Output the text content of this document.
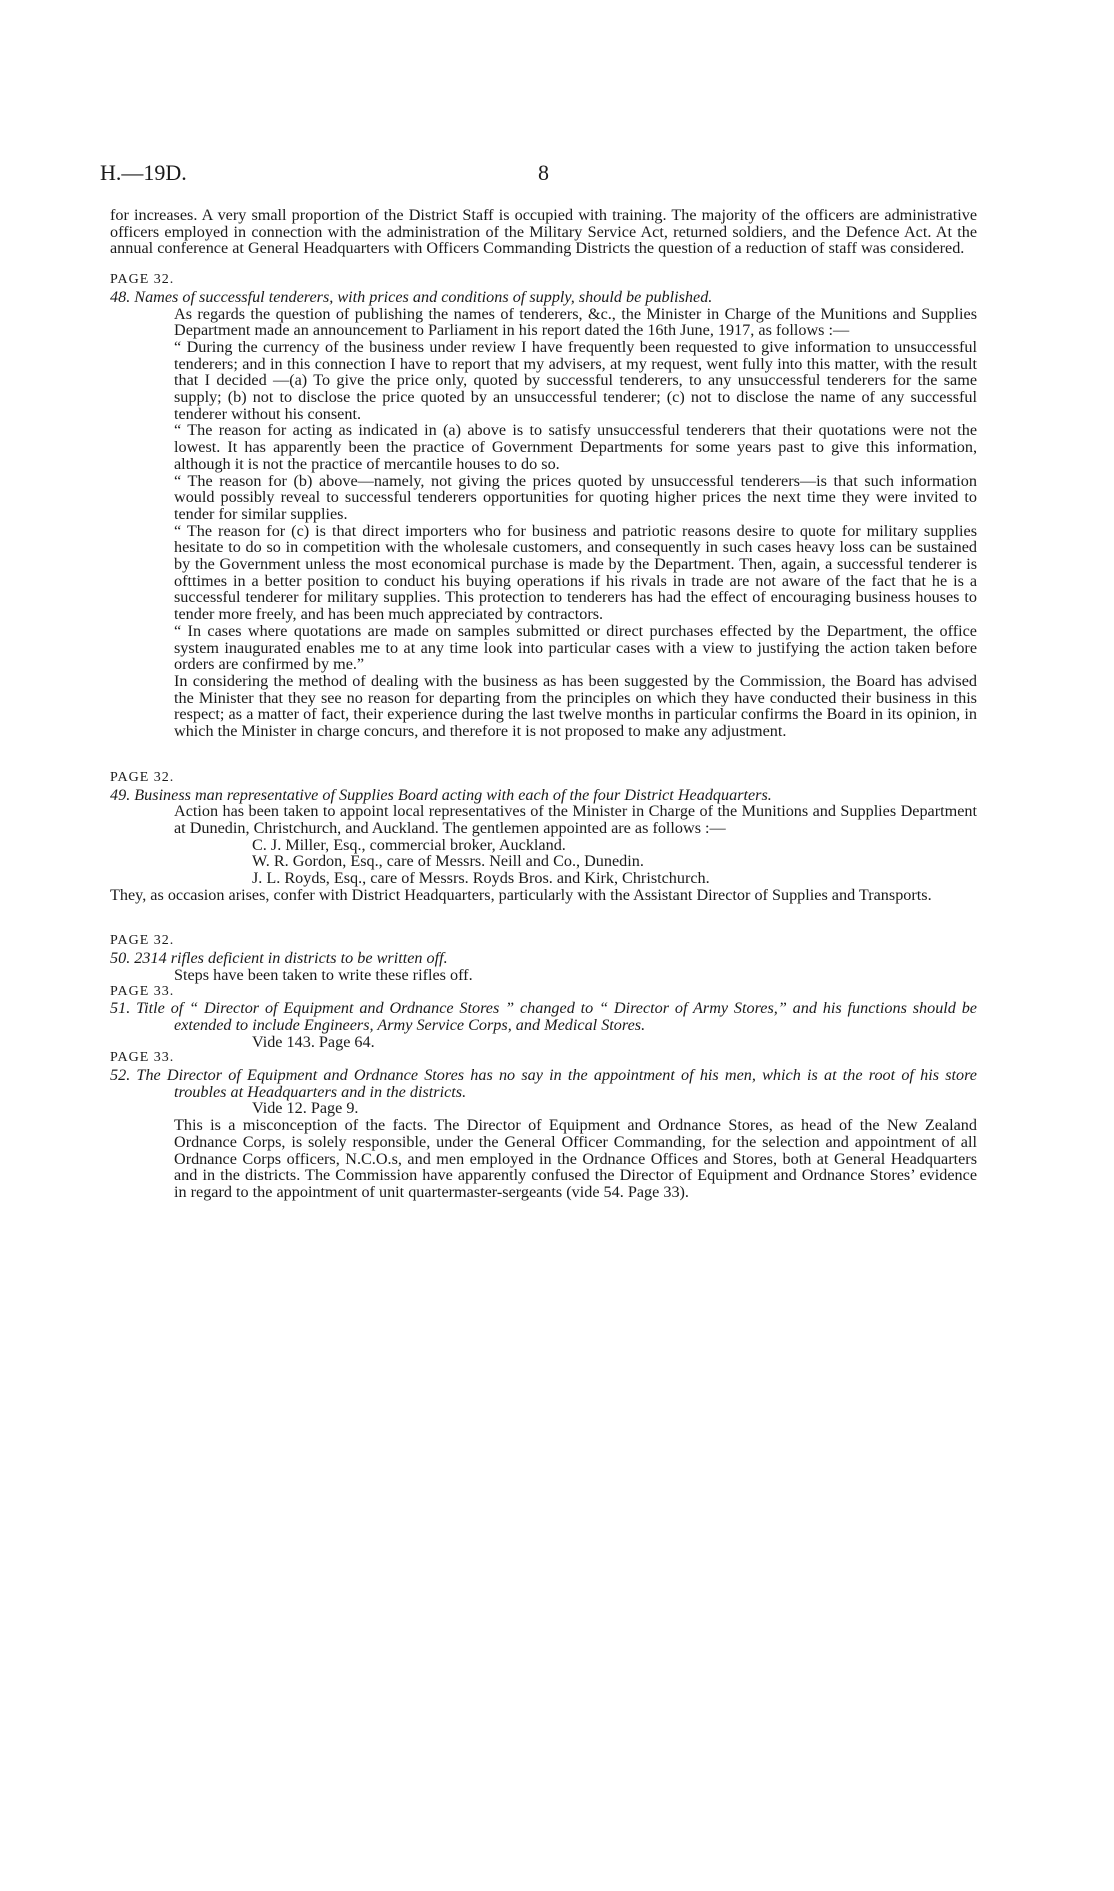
H.—19D.	8

for increases. A very small proportion of the District Staff is occupied with training. The majority of the officers are administrative officers employed in connection with the administration of the Military Service Act, returned soldiers, and the Defence Act. At the annual conference at General Headquarters with Officers Commanding Districts the question of a reduction of staff was considered.

PAGE 32.

48. Names of successful tenderers, with prices and conditions of supply, should be published.

As regards the question of publishing the names of tenderers, &c., the Minister in Charge of the Munitions and Supplies Department made an announcement to Parliament in his report dated the 16th June, 1917, as follows :—

“ During the currency of the business under review I have frequently been requested to give information to unsuccessful tenderers; and in this connection I have to report that my advisers, at my request, went fully into this matter, with the result that I decided —(a) To give the price only, quoted by successful tenderers, to any unsuccessful tenderers for the same supply; (b) not to disclose the price quoted by an unsuccessful tenderer; (c) not to disclose the name of any successful tenderer without his consent.

“ The reason for acting as indicated in (a) above is to satisfy unsuccessful tenderers that their quotations were not the lowest. It has apparently been the practice of Government Departments for some years past to give this information, although it is not the practice of mercantile houses to do so.

“ The reason for (b) above—namely, not giving the prices quoted by unsuccessful tenderers—is that such information would possibly reveal to successful tenderers opportunities for quoting higher prices the next time they were invited to tender for similar supplies.

“ The reason for (c) is that direct importers who for business and patriotic reasons desire to quote for military supplies hesitate to do so in competition with the wholesale customers, and consequently in such cases heavy loss can be sustained by the Government unless the most economical purchase is made by the Department. Then, again, a successful tenderer is ofttimes in a better position to conduct his buying operations if his rivals in trade are not aware of the fact that he is a successful tenderer for military supplies. This protection to tenderers has had the effect of encouraging business houses to tender more freely, and has been much appreciated by contractors.

“ In cases where quotations are made on samples submitted or direct purchases effected by the Department, the office system inaugurated enables me to at any time look into particular cases with a view to justifying the action taken before orders are confirmed by me.”

In considering the method of dealing with the business as has been suggested by the Commission, the Board has advised the Minister that they see no reason for departing from the principles on which they have conducted their business in this respect; as a matter of fact, their experience during the last twelve months in particular confirms the Board in its opinion, in which the Minister in charge concurs, and therefore it is not proposed to make any adjustment.

PAGE 32.

49. Business man representative of Supplies Board acting with each of the four District Headquarters.

Action has been taken to appoint local representatives of the Minister in Charge of the Munitions and Supplies Department at Dunedin, Christchurch, and Auckland. The gentlemen appointed are as follows :—

C. J. Miller, Esq., commercial broker, Auckland.

W. R. Gordon, Esq., care of Messrs. Neill and Co., Dunedin.

J. L. Royds, Esq., care of Messrs. Royds Bros. and Kirk, Christchurch.

They, as occasion arises, confer with District Headquarters, particularly with the Assistant Director of Supplies and Transports.

PAGE 32.

50. 2314 rifles deficient in districts to be written off.

Steps have been taken to write these rifles off.

PAGE 33.

51. Title of “ Director of Equipment and Ordnance Stores ” changed to “ Director of Army Stores,” and his functions should be extended to include Engineers, Army Service Corps, and Medical Stores.

Vide 143. Page 64.

PAGE 33.

52. The Director of Equipment and Ordnance Stores has no say in the appointment of his men, which is at the root of his store troubles at Headquarters and in the districts.

Vide 12. Page 9.

This is a misconception of the facts. The Director of Equipment and Ordnance Stores, as head of the New Zealand Ordnance Corps, is solely responsible, under the General Officer Commanding, for the selection and appointment of all Ordnance Corps officers, N.C.O.s, and men employed in the Ordnance Offices and Stores, both at General Headquarters and in the districts. The Commission have apparently confused the Director of Equipment and Ordnance Stores’ evidence in regard to the appointment of unit quartermaster-sergeants (vide 54. Page 33).
